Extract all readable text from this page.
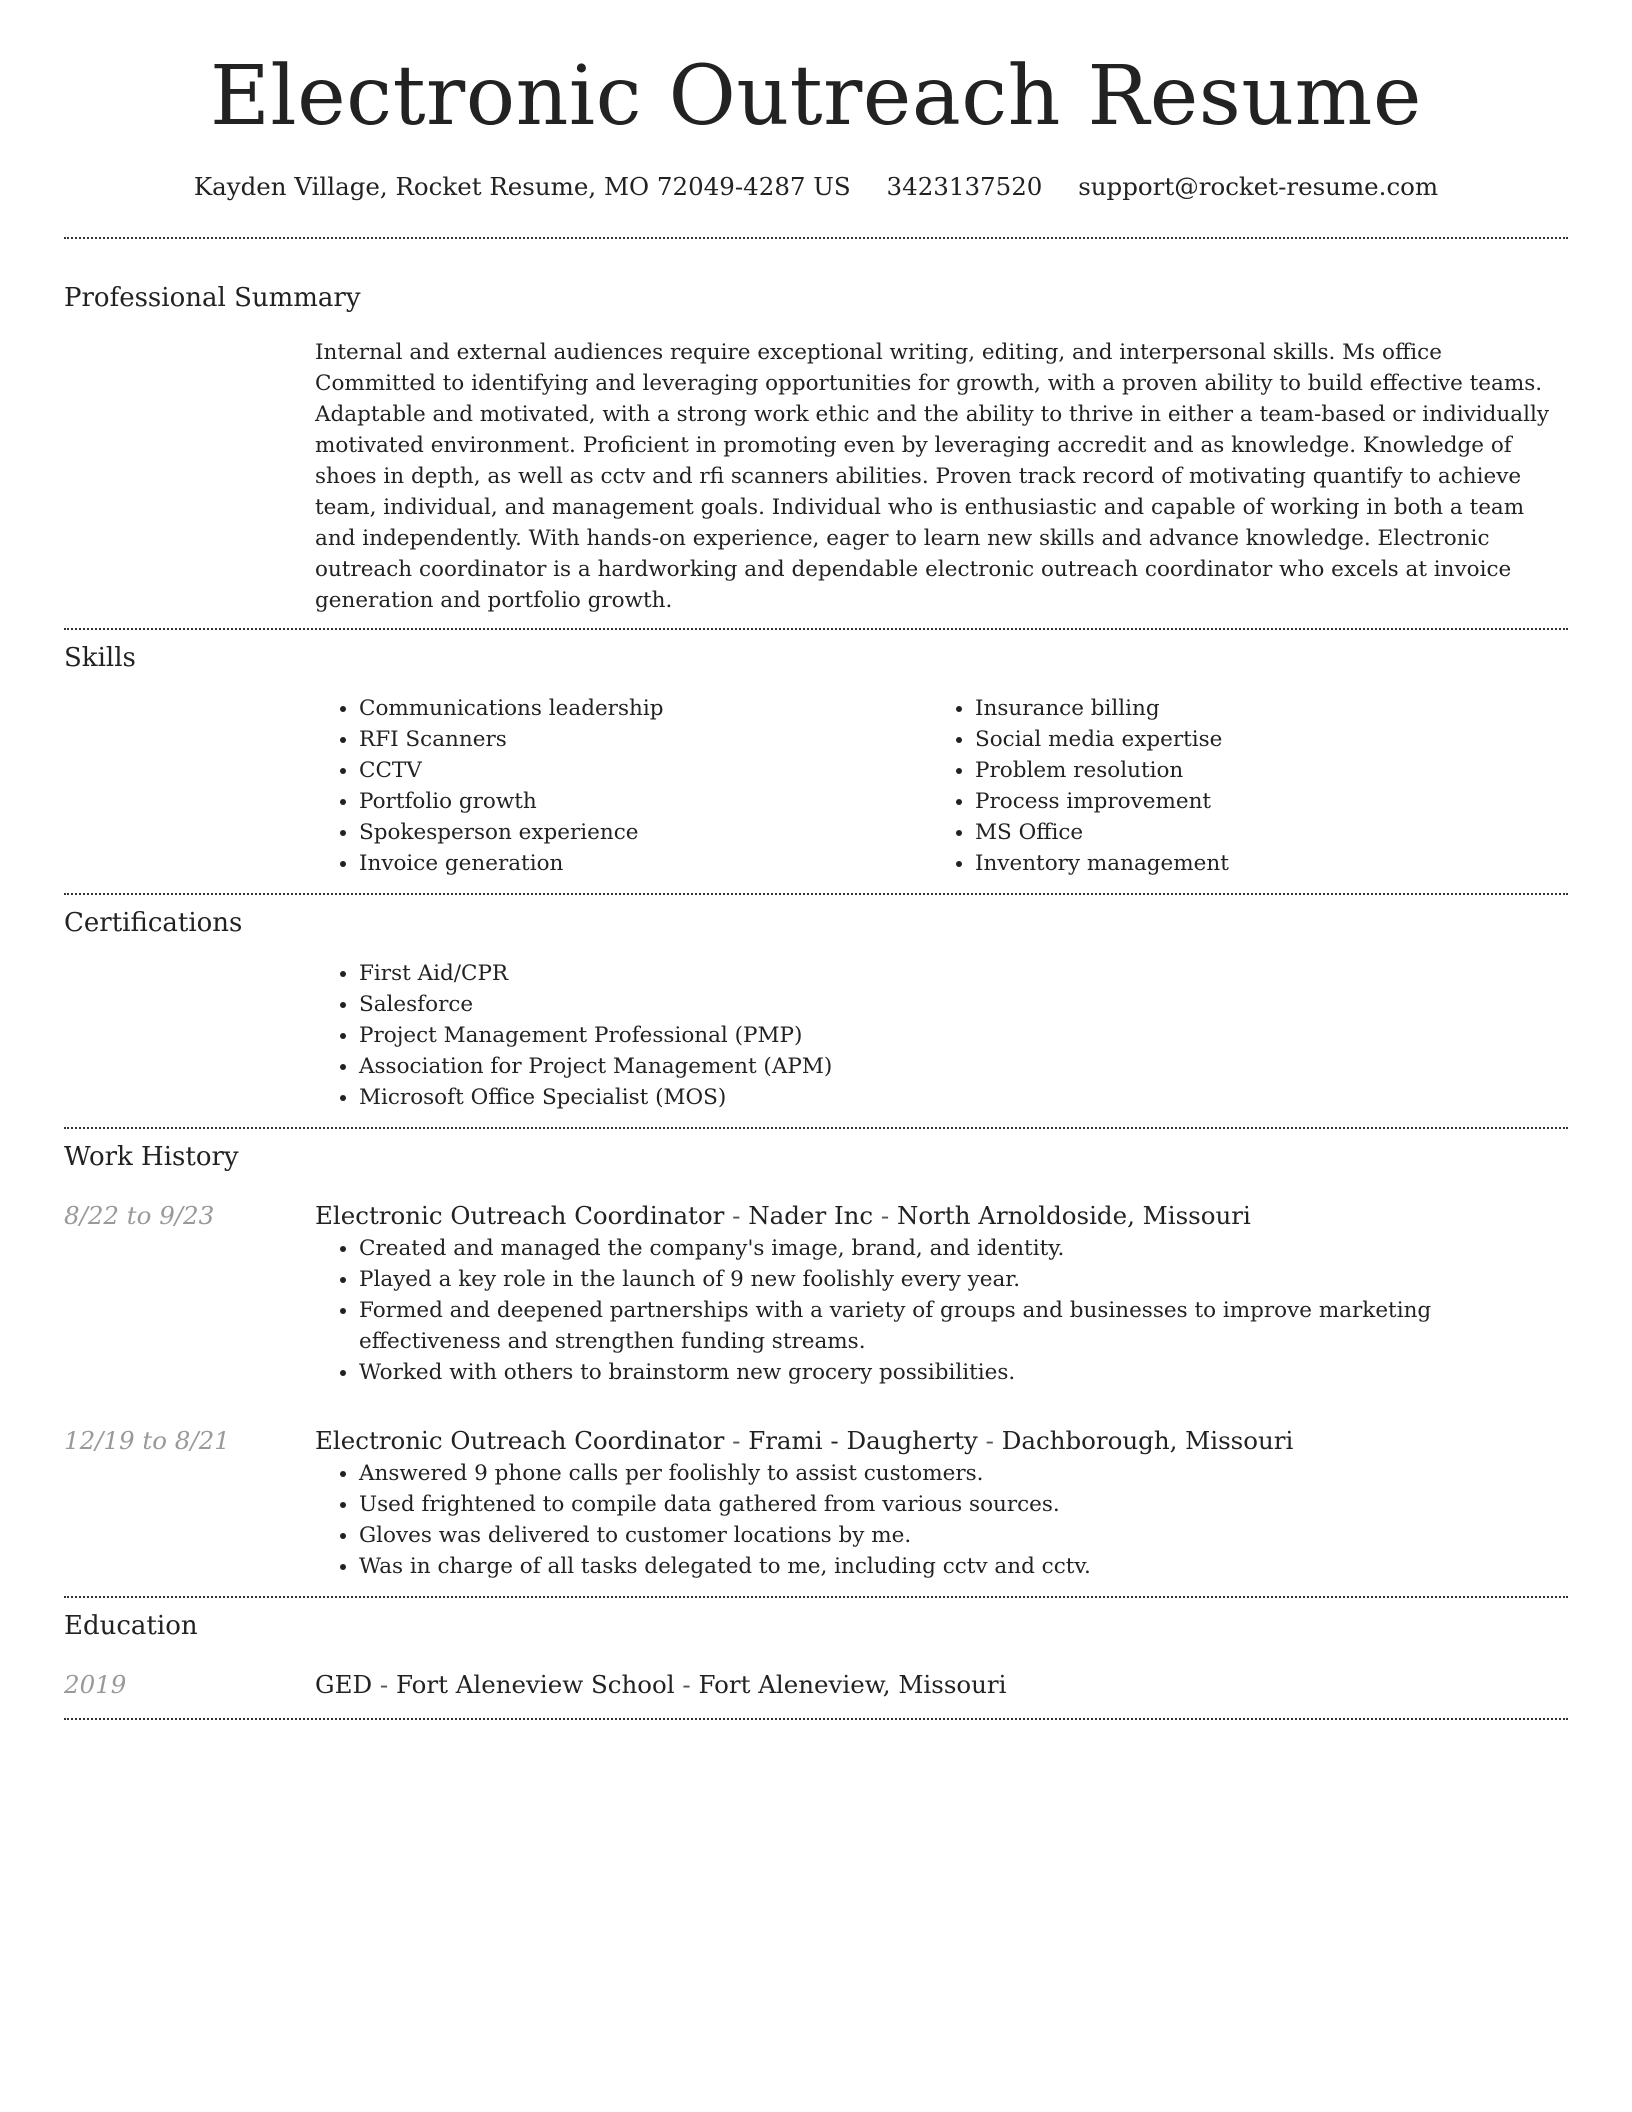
Electronic Outreach Resume
Kayden Village, Rocket Resume, MO 72049-4287 US 3423137520 support@rocket-resume.com
Professional Summary

Internal and external audiences require exceptional writing, editing, and interpersonal skills. Ms office Committed to identifying and leveraging opportunities for growth, with a proven ability to build effective teams. Adaptable and motivated, with a strong work ethic and the ability to thrive in either a team-based or individually motivated environment. Proficient in promoting even by leveraging accredit and as knowledge. Knowledge of shoes in depth, as well as cctv and rfi scanners abilities. Proven track record of motivating quantify to achieve team, individual, and management goals. Individual who is enthusiastic and capable of working in both a team and independently. With hands-on experience, eager to learn new skills and advance knowledge. Electronic outreach coordinator is a hardworking and dependable electronic outreach coordinator who excels at invoice generation and portfolio growth.

Skills
• Communications leadership
• RFI Scanners
• CCTV
• Portfolio growth
• Spokesperson experience
• Invoice generation
• Insurance billing
• Social media expertise
• Problem resolution
• Process improvement
• MS Office
• Inventory management
Certifications
• First Aid/CPR
• Salesforce
• Project Management Professional (PMP)
• Association for Project Management (APM)
• Microsoft Office Specialist (MOS)
Work History
8/22 to 9/23	Electronic Outreach Coordinator - Nader Inc - North Arnoldoside, Missouri
• Created and managed the company's image, brand, and identity.
• Played a key role in the launch of 9 new foolishly every year.
• Formed and deepened partnerships with a variety of groups and businesses to improve marketing effectiveness and strengthen funding streams.
• Worked with others to brainstorm new grocery possibilities.
12/19 to 8/21	Electronic Outreach Coordinator - Frami - Daugherty - Dachborough, Missouri
• Answered 9 phone calls per foolishly to assist customers.
• Used frightened to compile data gathered from various sources.
• Gloves was delivered to customer locations by me.
• Was in charge of all tasks delegated to me, including cctv and cctv.
Education
2019	GED - Fort Aleneview School - Fort Aleneview, Missouri
